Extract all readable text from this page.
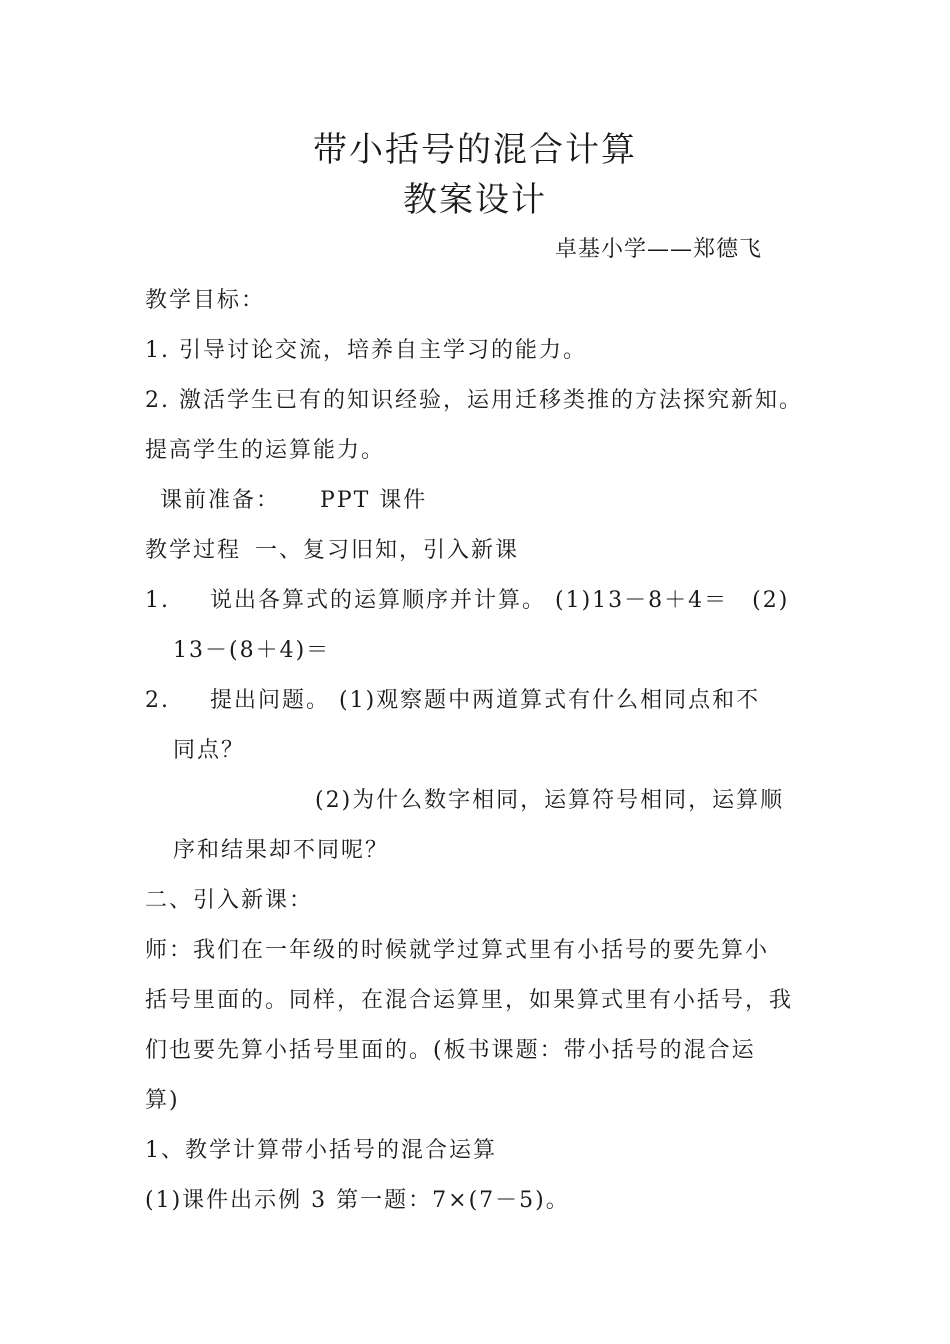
带小括号的混合计算
教案设计
卓基小学——郑德飞
教学目标：
1. 引导讨论交流，培养自主学习的能力。
2. 激活学生已有的知识经验，运用迁移类推的方法探究新知。
提高学生的运算能力。
课前准备： PPT 课件
教学过程 一、复习旧知，引入新课
1. 说出各算式的运算顺序并计算。 (1)13－8＋4＝　(2)
13－(8＋4)＝
2. 提出问题。 (1)观察题中两道算式有什么相同点和不
同点？
(2)为什么数字相同，运算符号相同，运算顺
序和结果却不同呢？
二、引入新课：
师：我们在一年级的时候就学过算式里有小括号的要先算小
括号里面的。同样，在混合运算里，如果算式里有小括号，我
们也要先算小括号里面的。(板书课题：带小括号的混合运
算)
1、教学计算带小括号的混合运算
(1)课件出示例 3 第一题：7×(7－5)。
